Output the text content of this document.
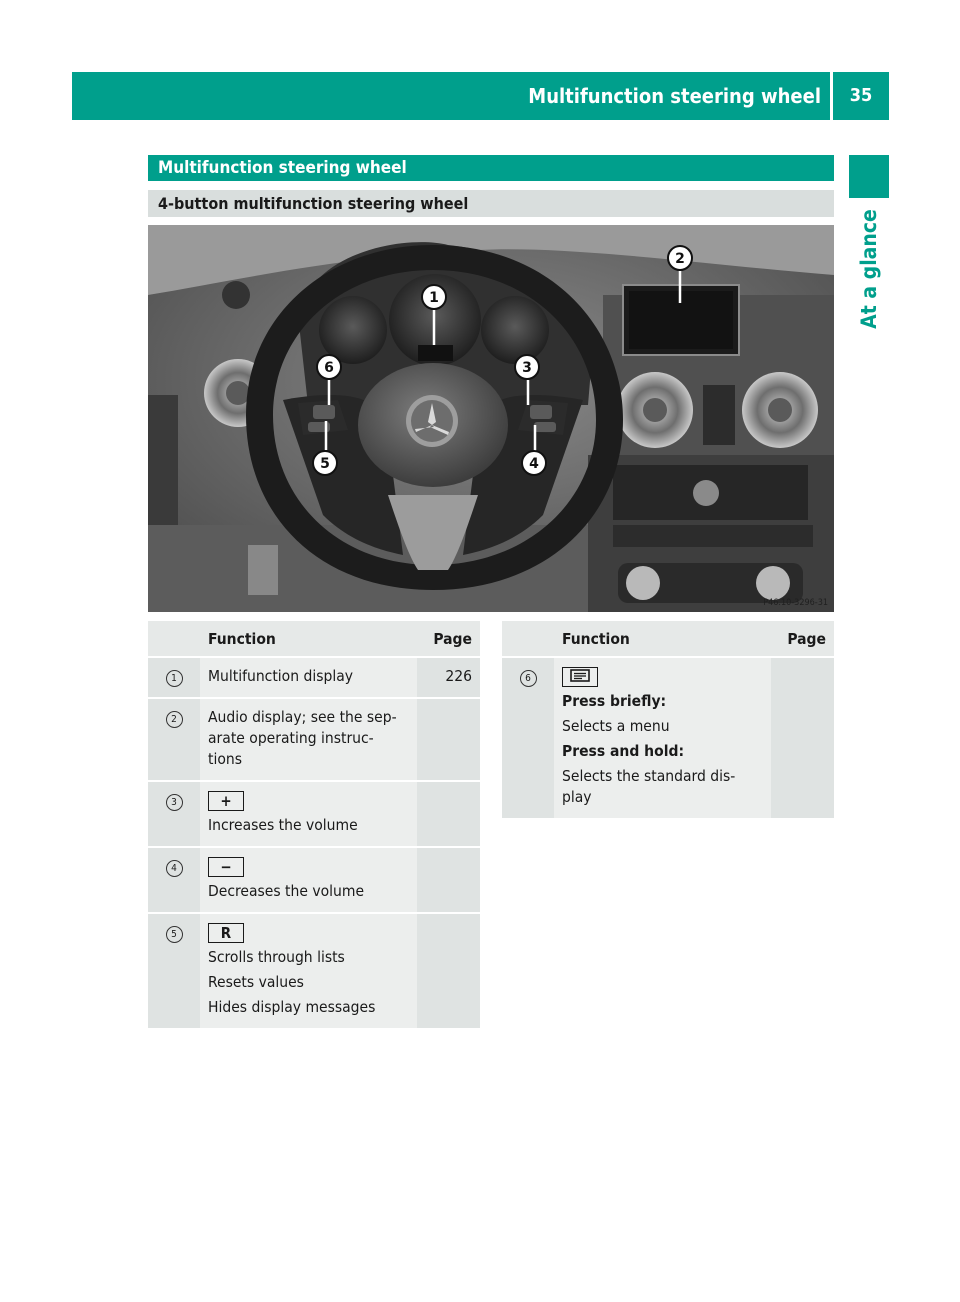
Multifunction steering wheel	35
At a glance
Multifunction steering wheel
4-button multifunction steering wheel
1
2
3
4
5
6
P46.10-3296-31
	Function	Page
1	Multifunction display	226
2	Audio display; see the sep-
arate operating instruc-
tions	

3	+
Increases the volume	

4	−
Decreases the volume	

5	R
Scrolls through lists
Resets values
Hides display messages	

	Function	Page
6	Press briefly:
Selects a menu
Press and hold:
Selects the standard dis-
play	
